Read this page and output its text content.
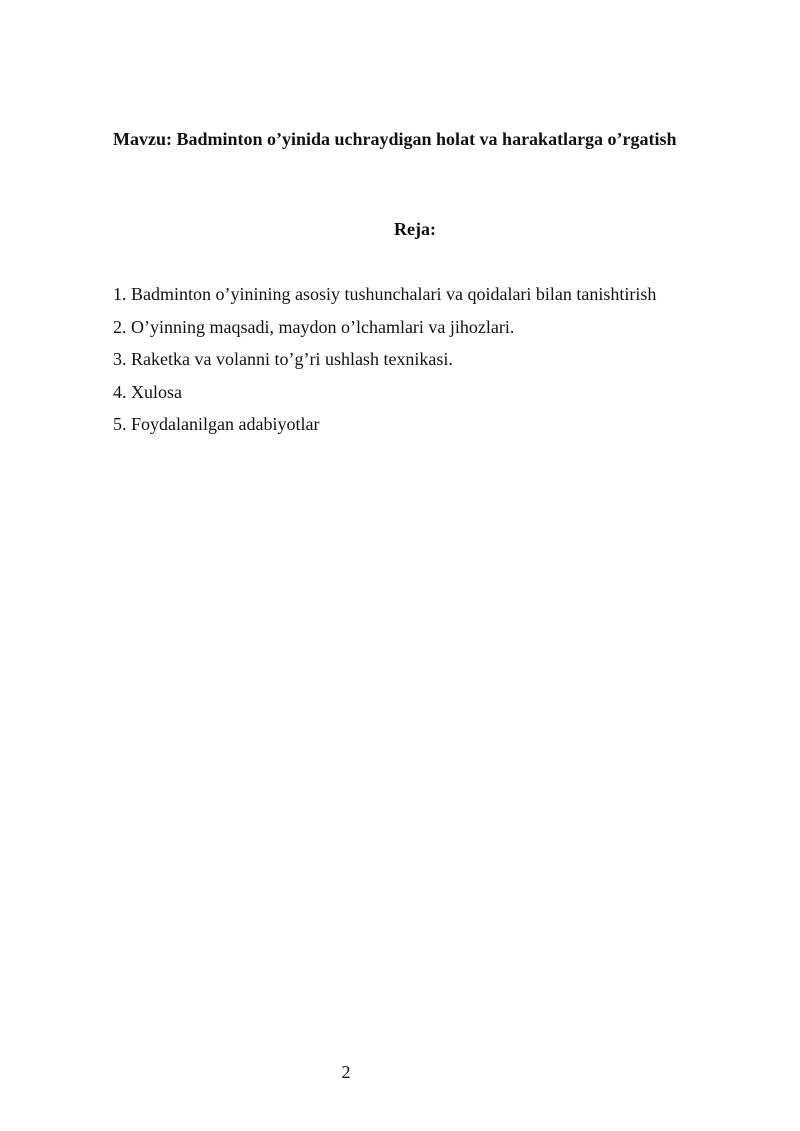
Mavzu: Badminton o’yinida uchraydigan holat va harakatlarga o’rgatish
Reja:
1. Badminton o’yinining asosiy tushunchalari va qoidalari bilan tanishtirish
2. O’yinning maqsadi, maydon o’lchamlari va jihozlari.
3. Raketka va volanni to’g’ri ushlash texnikasi.
4. Xulosa
5. Foydalanilgan adabiyotlar
2
